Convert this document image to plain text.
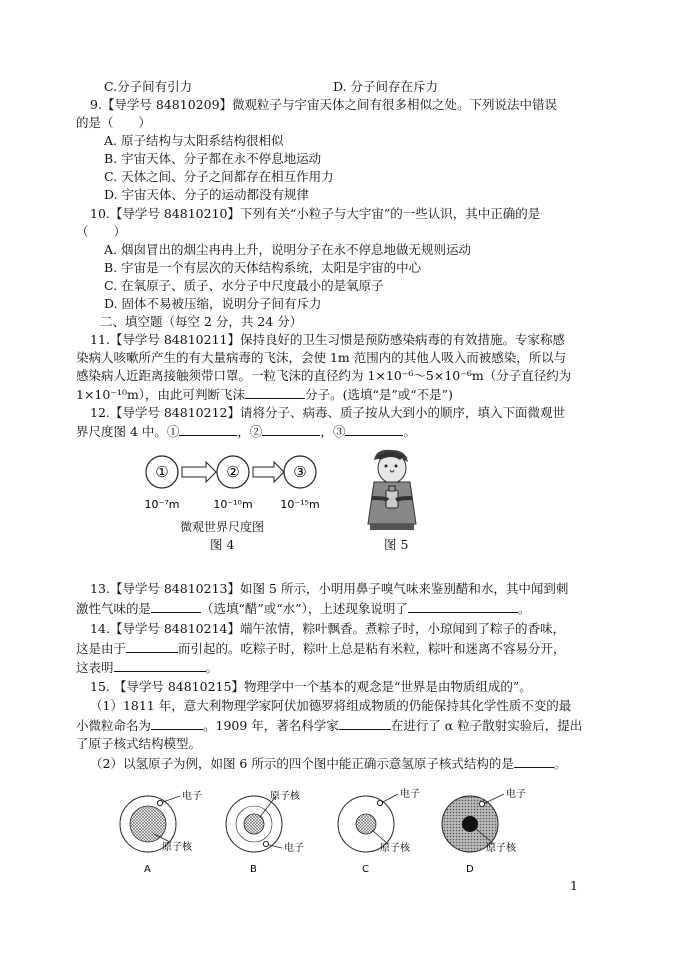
C.分子间有引力	D. 分子间存在斥力
9.【导学号 84810209】微观粒子与宇宙天体之间有很多相似之处。下列说法中错误
的是（　　）
A. 原子结构与太阳系结构很相似
B. 宇宙天体、分子都在永不停息地运动
C. 天体之间、分子之间都存在相互作用力
D. 宇宙天体、分子的运动都没有规律
10.【导学号 84810210】下列有关“小粒子与大宇宙”的一些认识，其中正确的是
（　　）
A. 烟囱冒出的烟尘冉冉上升，说明分子在永不停息地做无规则运动
B. 宇宙是一个有层次的天体结构系统，太阳是宇宙的中心
C. 在氧原子、质子、水分子中尺度最小的是氧原子
D. 固体不易被压缩，说明分子间有斥力
二、填空题（每空 2 分，共 24 分）
11.【导学号 84810211】保持良好的卫生习惯是预防感染病毒的有效措施。专家称感
染病人咳嗽所产生的有大量病毒的飞沫，会使 1m 范围内的其他人吸入而被感染，所以与
感染病人近距离接触须带口罩。一粒飞沫的直径约为 1×10⁻⁶～5×10⁻⁶m（分子直径约为
1×10⁻¹⁰m），由此可判断飞沫	分子。(选填“是”或“不是”)
12.【导学号 84810212】请将分子、病毒、质子按从大到小的顺序，填入下面微观世
界尺度图 4 中。①	，②	，③	。
①	②	③
10⁻⁷m	10⁻¹⁰m	10⁻¹⁵m
微观世界尺度图
图 4	图 5
13.【导学号 84810213】如图 5 所示，小明用鼻子嗅气味来鉴别醋和水，其中闻到刺
激性气味的是	（选填“醋”或“水”），上述现象说明了	。
14.【导学号 84810214】端午浓情，粽叶飘香。煮粽子时，小琼闻到了粽子的香味，
这是由于	而引起的。吃粽子时，粽叶上总是粘有米粒，粽叶和迷离不容易分开，
这表明	。
15. 【导学号 84810215】物理学中一个基本的观念是“世界是由物质组成的”。
（1）1811 年，意大利物理学家阿伏加德罗将组成物质的仍能保持其化学性质不变的最
小微粒命名为	。1909 年，著名科学家	在进行了 α 粒子散射实验后，提出
了原子核式结构模型。
（2）以氢原子为例，如图 6 所示的四个图中能正确示意氢原子核式结构的是	。
电子
原子核
A
原子核
电子
B
电子
原子核
C
电子
原子核
D
1
